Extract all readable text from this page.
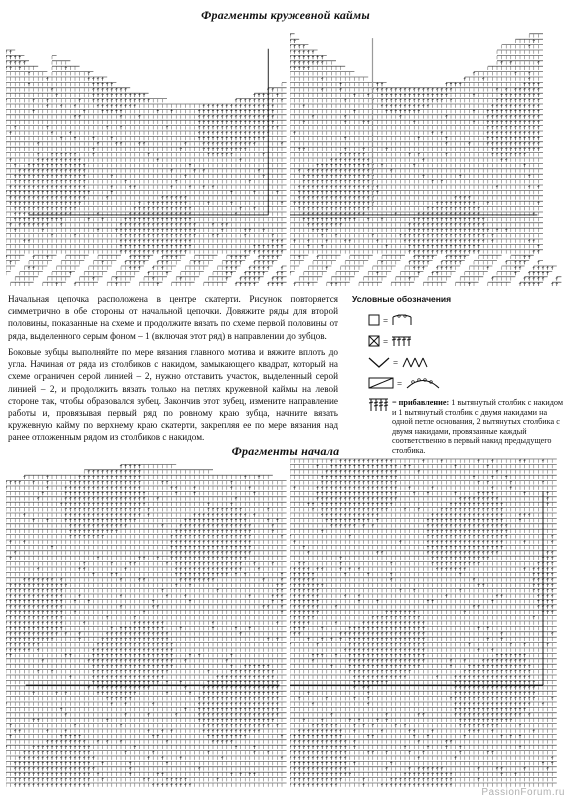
Фрагменты кружевной каймы
Фрагменты начала

Начальная цепочка расположена в центре скатерти. Рисунок повторяется симметрично в обе стороны от начальной цепочки. Довяжите ряды для второй половины, показанные на схеме и продолжите вязать по схеме первой половины от ряда, выделенного серым фоном – 1 (включая этот ряд) в направлении до зубцов.

Боковые зубцы выполняйте по мере вязания главного мотива и вяжите вплоть до угла. Начиная от ряда из столбиков с накидом, замыкающего квадрат, который на схеме ограничен серой линией – 2, нужно отставить участок, выделенный серой линией – 2, и продолжить вязать только на петлях кружевной каймы на левой стороне так, чтобы образовался зубец. Закончив этот зубец, измените направление работы и, провязывая первый ряд по ровному краю зубца, начните вязать кружевную кайму по верхнему краю скатерти, закрепляя ее по мере вязания над ранее отложенным рядом из столбиков с накидом.

Условные обозначения
=
=
=
=
= прибавление: 1 вытянутый столбик с накидом и 1 вытянутый столбик с двумя накидами на одной петле основания, 2 вытянутых столбика с двумя накидами, провязанные каждый соответственно в первый накид предыдущего столбика.
PassionForum.ru
